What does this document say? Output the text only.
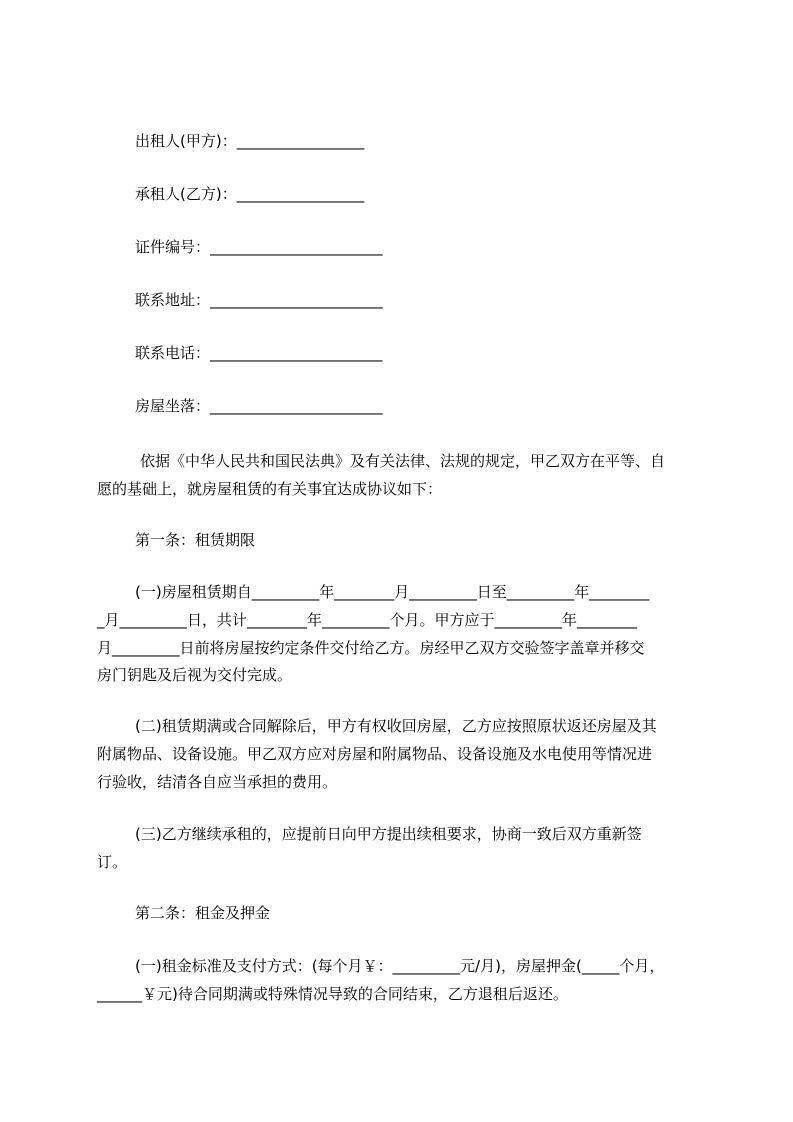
出租人(甲方)：_________________
承租人(乙方)：_________________
证件编号：_______________________
联系地址：_______________________
联系电话：_______________________
房屋坐落：_______________________
依据《中华人民共和国民法典》及有关法律、法规的规定，甲乙双方在平等、自
愿的基础上，就房屋租赁的有关事宜达成协议如下：
第一条：租赁期限
(一)房屋租赁期自_________年________月_________日至_________年________
_月_________日，共计________年_________个月。甲方应于_________年________
月_________日前将房屋按约定条件交付给乙方。房经甲乙双方交验签字盖章并移交
房门钥匙及后视为交付完成。
(二)租赁期满或合同解除后，甲方有权收回房屋，乙方应按照原状返还房屋及其
附属物品、设备设施。甲乙双方应对房屋和附属物品、设备设施及水电使用等情况进
行验收，结清各自应当承担的费用。
(三)乙方继续承租的，应提前日向甲方提出续租要求，协商一致后双方重新签
订。
第二条：租金及押金
(一)租金标准及支付方式：(每个月￥：_________元/月)，房屋押金(_____个月，
______￥元)待合同期满或特殊情况导致的合同结束，乙方退租后返还。
